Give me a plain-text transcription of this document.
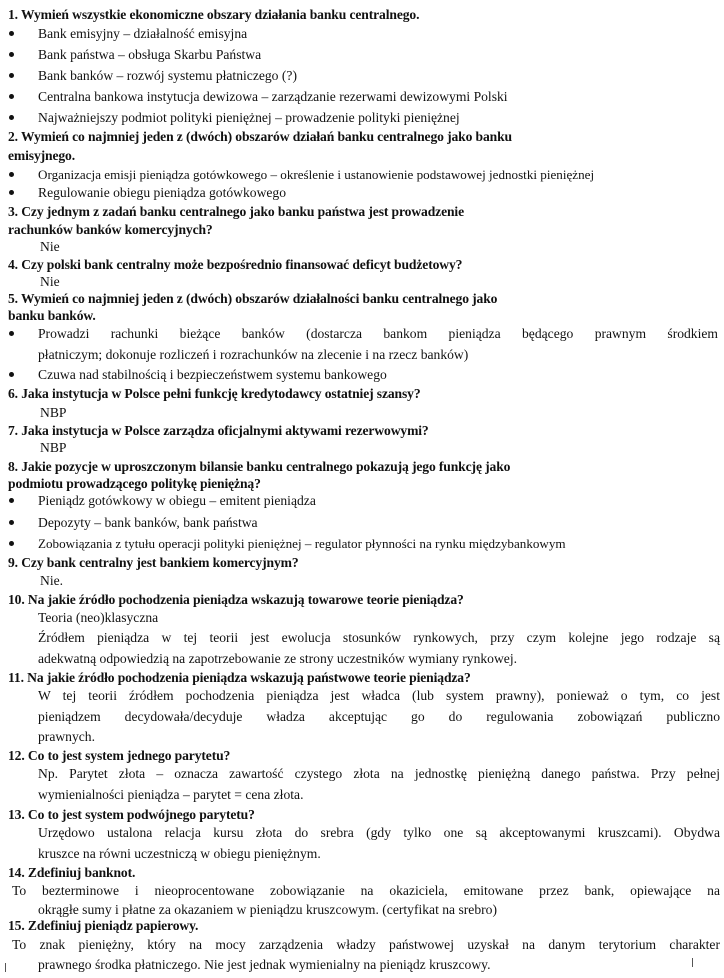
1. Wymień wszystkie ekonomiczne obszary działania banku centralnego.
Bank emisyjny – działalność emisyjna
Bank państwa – obsługa Skarbu Państwa
Bank banków – rozwój systemu płatniczego (?)
Centralna bankowa instytucja dewizowa – zarządzanie rezerwami dewizowymi Polski
Najważniejszy podmiot polityki pieniężnej – prowadzenie polityki pieniężnej
2. Wymień co najmniej jeden z (dwóch) obszarów działań banku centralnego jako banku
emisyjnego.
Organizacja emisji pieniądza gotówkowego – określenie i ustanowienie podstawowej jednostki pieniężnej
Regulowanie obiegu pieniądza gotówkowego
3. Czy jednym z zadań banku centralnego jako banku państwa jest prowadzenie
rachunków banków komercyjnych?
Nie
4. Czy polski bank centralny może bezpośrednio finansować deficyt budżetowy?
Nie
5. Wymień co najmniej jeden z (dwóch) obszarów działalności banku centralnego jako
banku banków.
Prowadzi rachunki bieżące banków (dostarcza bankom pieniądza będącego prawnym środkiem
płatniczym; dokonuje rozliczeń i rozrachunków na zlecenie i na rzecz banków)
Czuwa nad stabilnością i bezpieczeństwem systemu bankowego
6. Jaka instytucja w Polsce pełni funkcję kredytodawcy ostatniej szansy?
NBP
7. Jaka instytucja w Polsce zarządza oficjalnymi aktywami rezerwowymi?
NBP
8. Jakie pozycje w uproszczonym bilansie banku centralnego pokazują jego funkcję jako
podmiotu prowadzącego politykę pieniężną?
Pieniądz gotówkowy w obiegu – emitent pieniądza
Depozyty – bank banków, bank państwa
Zobowiązania z tytułu operacji polityki pieniężnej – regulator płynności na rynku międzybankowym
9. Czy bank centralny jest bankiem komercyjnym?
Nie.
10. Na jakie źródło pochodzenia pieniądza wskazują towarowe teorie pieniądza?
Teoria (neo)klasyczna
Źródłem pieniądza w tej teorii jest ewolucja stosunków rynkowych, przy czym kolejne jego rodzaje są
adekwatną odpowiedzią na zapotrzebowanie ze strony uczestników wymiany rynkowej.
11. Na jakie źródło pochodzenia pieniądza wskazują państwowe teorie pieniądza?
W tej teorii źródłem pochodzenia pieniądza jest władca (lub system prawny), ponieważ o tym, co jest
pieniądzem decydowała/decyduje władza akceptując go do regulowania zobowiązań publiczno
prawnych.
12. Co to jest system jednego parytetu?
Np. Parytet złota – oznacza zawartość czystego złota na jednostkę pieniężną danego państwa. Przy pełnej
wymienialności pieniądza – parytet = cena złota.
13. Co to jest system podwójnego parytetu?
Urzędowo ustalona relacja kursu złota do srebra (gdy tylko one są akceptowanymi kruszcami). Obydwa
kruszce na równi uczestniczą w obiegu pieniężnym.
14. Zdefiniuj banknot.
To bezterminowe i nieoprocentowane zobowiązanie na okaziciela, emitowane przez bank, opiewające na
okrągłe sumy i płatne za okazaniem w pieniądzu kruszcowym. (certyfikat na srebro)
15. Zdefiniuj pieniądz papierowy.
To znak pieniężny, który na mocy zarządzenia władzy państwowej uzyskał na danym terytorium charakter
prawnego środka płatniczego. Nie jest jednak wymienialny na pieniądz kruszcowy.
